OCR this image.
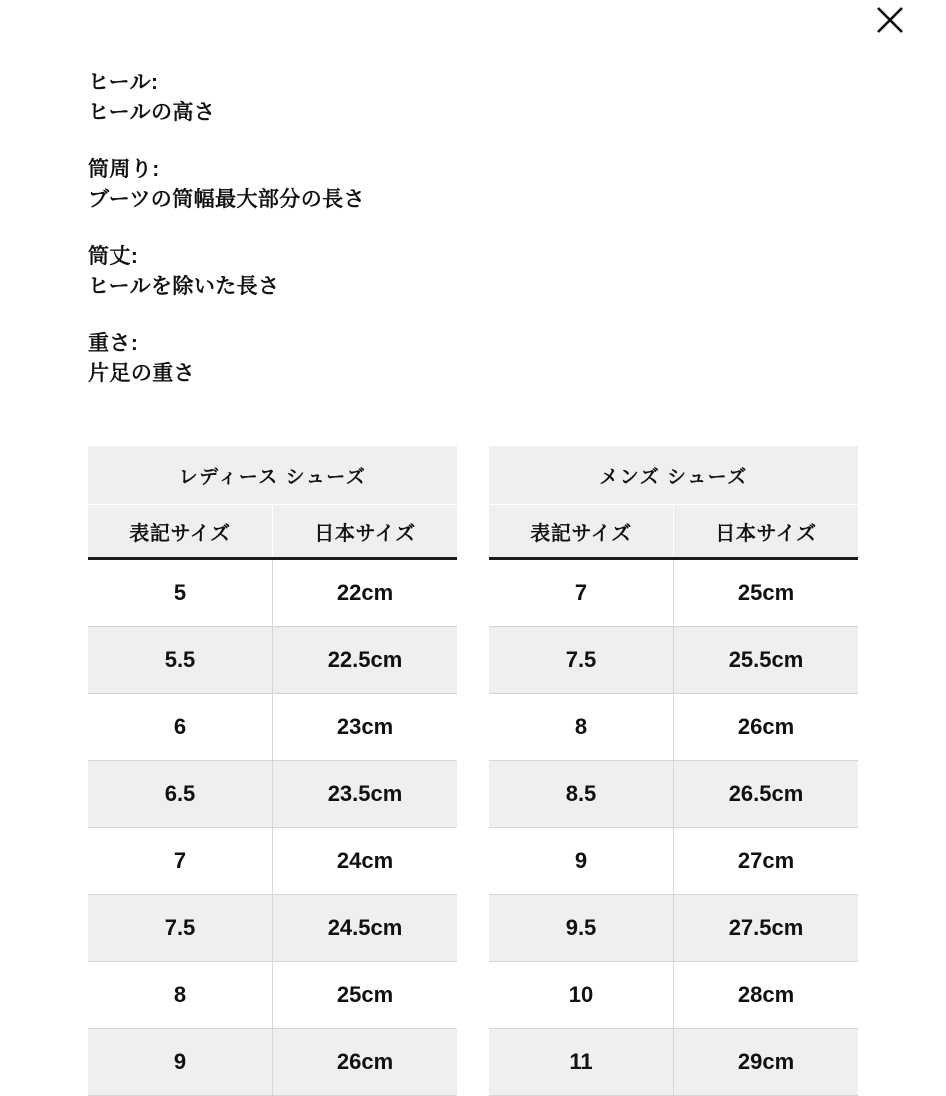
ヒール:
ヒールの高さ
筒周り:
ブーツの筒幅最大部分の長さ
筒丈:
ヒールを除いた長さ
重さ:
片足の重さ
レディース シューズ
表記サイズ	日本サイズ
5	22cm
5.5	22.5cm
6	23cm
6.5	23.5cm
7	24cm
7.5	24.5cm
8	25cm
9	26cm
メンズ シューズ
表記サイズ	日本サイズ
7	25cm
7.5	25.5cm
8	26cm
8.5	26.5cm
9	27cm
9.5	27.5cm
10	28cm
11	29cm
